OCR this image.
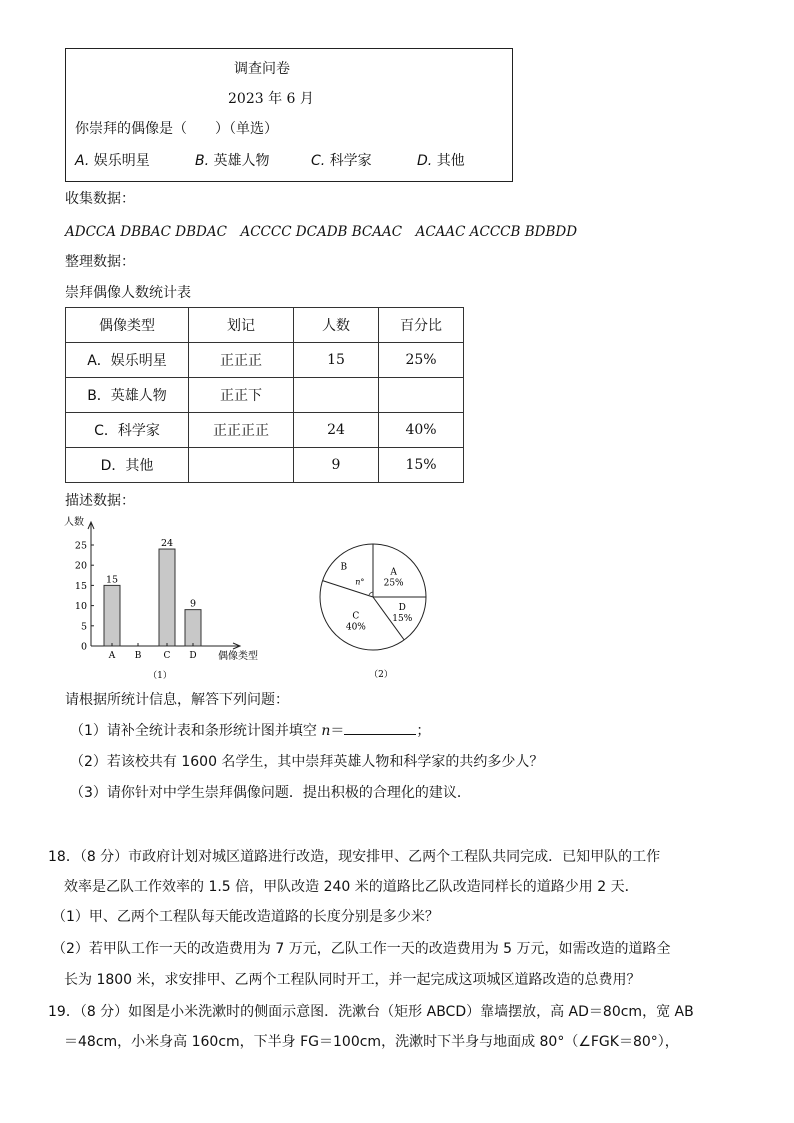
调查问卷
2023 年 6 月
你崇拜的偶像是（　　）（单选）
A. 娱乐明星	B. 英雄人物	C. 科学家	D. 其他
收集数据：
ADCCA DBBAC DBDAC　ACCCC DCADB BCAAC　ACAAC ACCCB BDBDD
整理数据：
崇拜偶像人数统计表
偶像类型	划记	人数	百分比
A．娱乐明星	正正正	15	25%
B．英雄人物	正正下		
C．科学家	正正正正	24	40%
D．其他		9	15%
描述数据：
人数
偶像类型
0
5
10
15
20
25
15
A B
24
C
9
D
（1）
A
25%
D
15%
C
40%
B
n°
（2）
请根据所统计信息，解答下列问题：
（1）请补全统计表和条形统计图并填空 n＝	；
（2）若该校共有 1600 名学生，其中崇拜英雄人物和科学家的共约多少人？
（3）请你针对中学生崇拜偶像问题．提出积极的合理化的建议．
18．（8 分）市政府计划对城区道路进行改造，现安排甲、乙两个工程队共同完成．已知甲队的工作
效率是乙队工作效率的 1.5 倍，甲队改造 240 米的道路比乙队改造同样长的道路少用 2 天．
（1）甲、乙两个工程队每天能改造道路的长度分别是多少米？
（2）若甲队工作一天的改造费用为 7 万元，乙队工作一天的改造费用为 5 万元，如需改造的道路全
长为 1800 米，求安排甲、乙两个工程队同时开工，并一起完成这项城区道路改造的总费用？
19．（8 分）如图是小米洗漱时的侧面示意图．洗漱台（矩形 ABCD）靠墙摆放，高 AD＝80cm，宽 AB
＝48cm，小米身高 160cm，下半身 FG＝100cm，洗漱时下半身与地面成 80°（∠FGK＝80°），
